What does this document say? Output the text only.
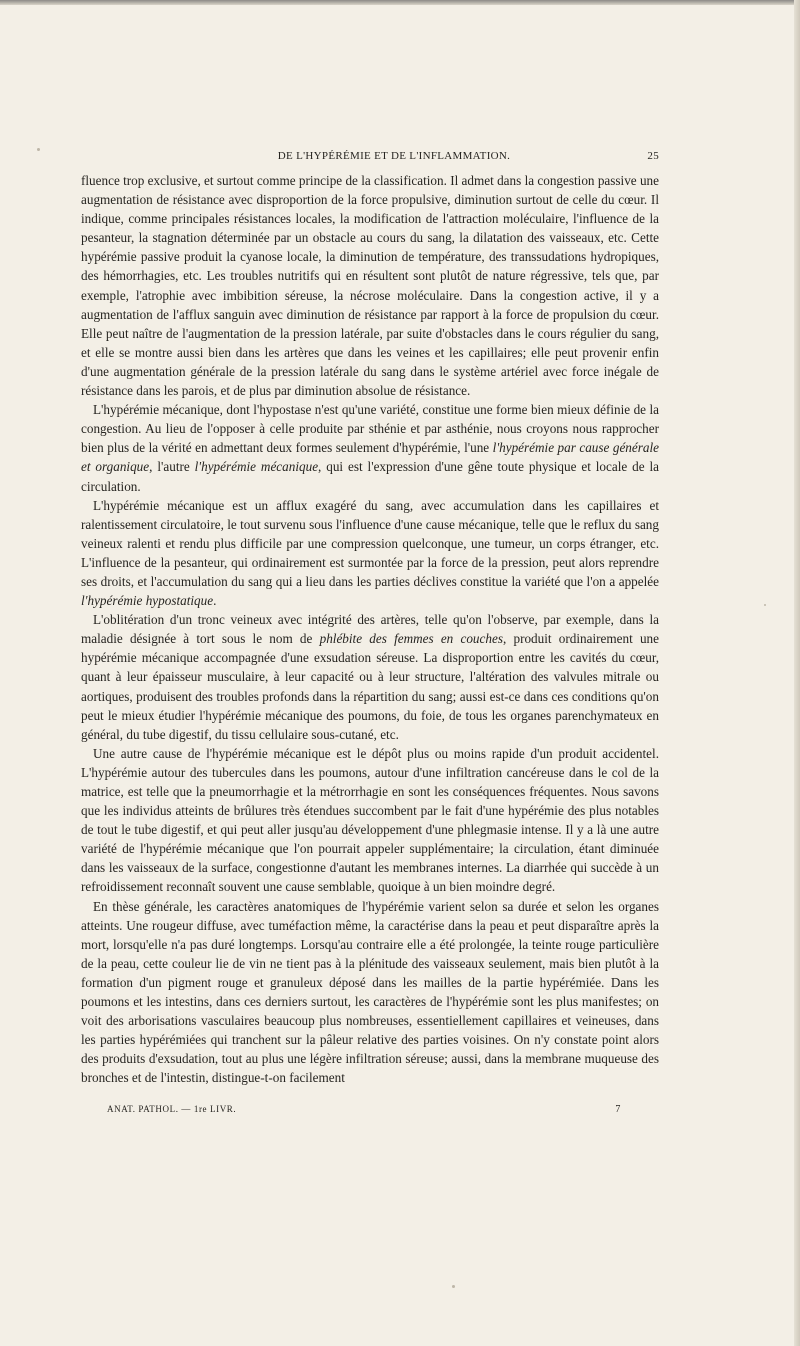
DE L'HYPÉRÉMIE ET DE L'INFLAMMATION.	25

fluence trop exclusive, et surtout comme principe de la classification. Il admet dans la congestion passive une augmentation de résistance avec disproportion de la force propulsive, diminution surtout de celle du cœur. Il indique, comme principales résistances locales, la modification de l'attraction moléculaire, l'influence de la pesanteur, la stagnation déterminée par un obstacle au cours du sang, la dilatation des vaisseaux, etc. Cette hypérémie passive produit la cyanose locale, la diminution de température, des transsudations hydropiques, des hémorrhagies, etc. Les troubles nutritifs qui en résultent sont plutôt de nature régressive, tels que, par exemple, l'atrophie avec imbibition séreuse, la nécrose moléculaire. Dans la congestion active, il y a augmentation de l'afflux sanguin avec diminution de résistance par rapport à la force de propulsion du cœur. Elle peut naître de l'augmentation de la pression latérale, par suite d'obstacles dans le cours régulier du sang, et elle se montre aussi bien dans les artères que dans les veines et les capillaires; elle peut provenir enfin d'une augmentation générale de la pression latérale du sang dans le système artériel avec force inégale de résistance dans les parois, et de plus par diminution absolue de résistance.

L'hypérémie mécanique, dont l'hypostase n'est qu'une variété, constitue une forme bien mieux définie de la congestion. Au lieu de l'opposer à celle produite par sthénie et par asthénie, nous croyons nous rapprocher bien plus de la vérité en admettant deux formes seulement d'hypérémie, l'une l'hypérémie par cause générale et organique, l'autre l'hypérémie mécanique, qui est l'expression d'une gêne toute physique et locale de la circulation.

L'hypérémie mécanique est un afflux exagéré du sang, avec accumulation dans les capillaires et ralentissement circulatoire, le tout survenu sous l'influence d'une cause mécanique, telle que le reflux du sang veineux ralenti et rendu plus difficile par une compression quelconque, une tumeur, un corps étranger, etc. L'influence de la pesanteur, qui ordinairement est surmontée par la force de la pression, peut alors reprendre ses droits, et l'accumulation du sang qui a lieu dans les parties déclives constitue la variété que l'on a appelée l'hypérémie hypostatique.

L'oblitération d'un tronc veineux avec intégrité des artères, telle qu'on l'observe, par exemple, dans la maladie désignée à tort sous le nom de phlébite des femmes en couches, produit ordinairement une hypérémie mécanique accompagnée d'une exsudation séreuse. La disproportion entre les cavités du cœur, quant à leur épaisseur musculaire, à leur capacité ou à leur structure, l'altération des valvules mitrale ou aortiques, produisent des troubles profonds dans la répartition du sang; aussi est-ce dans ces conditions qu'on peut le mieux étudier l'hypérémie mécanique des poumons, du foie, de tous les organes parenchymateux en général, du tube digestif, du tissu cellulaire sous-cutané, etc.

Une autre cause de l'hypérémie mécanique est le dépôt plus ou moins rapide d'un produit accidentel. L'hypérémie autour des tubercules dans les poumons, autour d'une infiltration cancéreuse dans le col de la matrice, est telle que la pneumorrhagie et la métrorrhagie en sont les conséquences fréquentes. Nous savons que les individus atteints de brûlures très étendues succombent par le fait d'une hypérémie des plus notables de tout le tube digestif, et qui peut aller jusqu'au développement d'une phlegmasie intense. Il y a là une autre variété de l'hypérémie mécanique que l'on pourrait appeler supplémentaire; la circulation, étant diminuée dans les vaisseaux de la surface, congestionne d'autant les membranes internes. La diarrhée qui succède à un refroidissement reconnaît souvent une cause semblable, quoique à un bien moindre degré.

En thèse générale, les caractères anatomiques de l'hypérémie varient selon sa durée et selon les organes atteints. Une rougeur diffuse, avec tuméfaction même, la caractérise dans la peau et peut disparaître après la mort, lorsqu'elle n'a pas duré longtemps. Lorsqu'au contraire elle a été prolongée, la teinte rouge particulière de la peau, cette couleur lie de vin ne tient pas à la plénitude des vaisseaux seulement, mais bien plutôt à la formation d'un pigment rouge et granuleux déposé dans les mailles de la partie hypérémiée. Dans les poumons et les intestins, dans ces derniers surtout, les caractères de l'hypérémie sont les plus manifestes; on voit des arborisations vasculaires beaucoup plus nombreuses, essentiellement capillaires et veineuses, dans les parties hypérémiées qui tranchent sur la pâleur relative des parties voisines. On n'y constate point alors des produits d'exsudation, tout au plus une légère infiltration séreuse; aussi, dans la membrane muqueuse des bronches et de l'intestin, distingue-t-on facilement

ANAT. PATHOL. — 1re LIVR.	7
